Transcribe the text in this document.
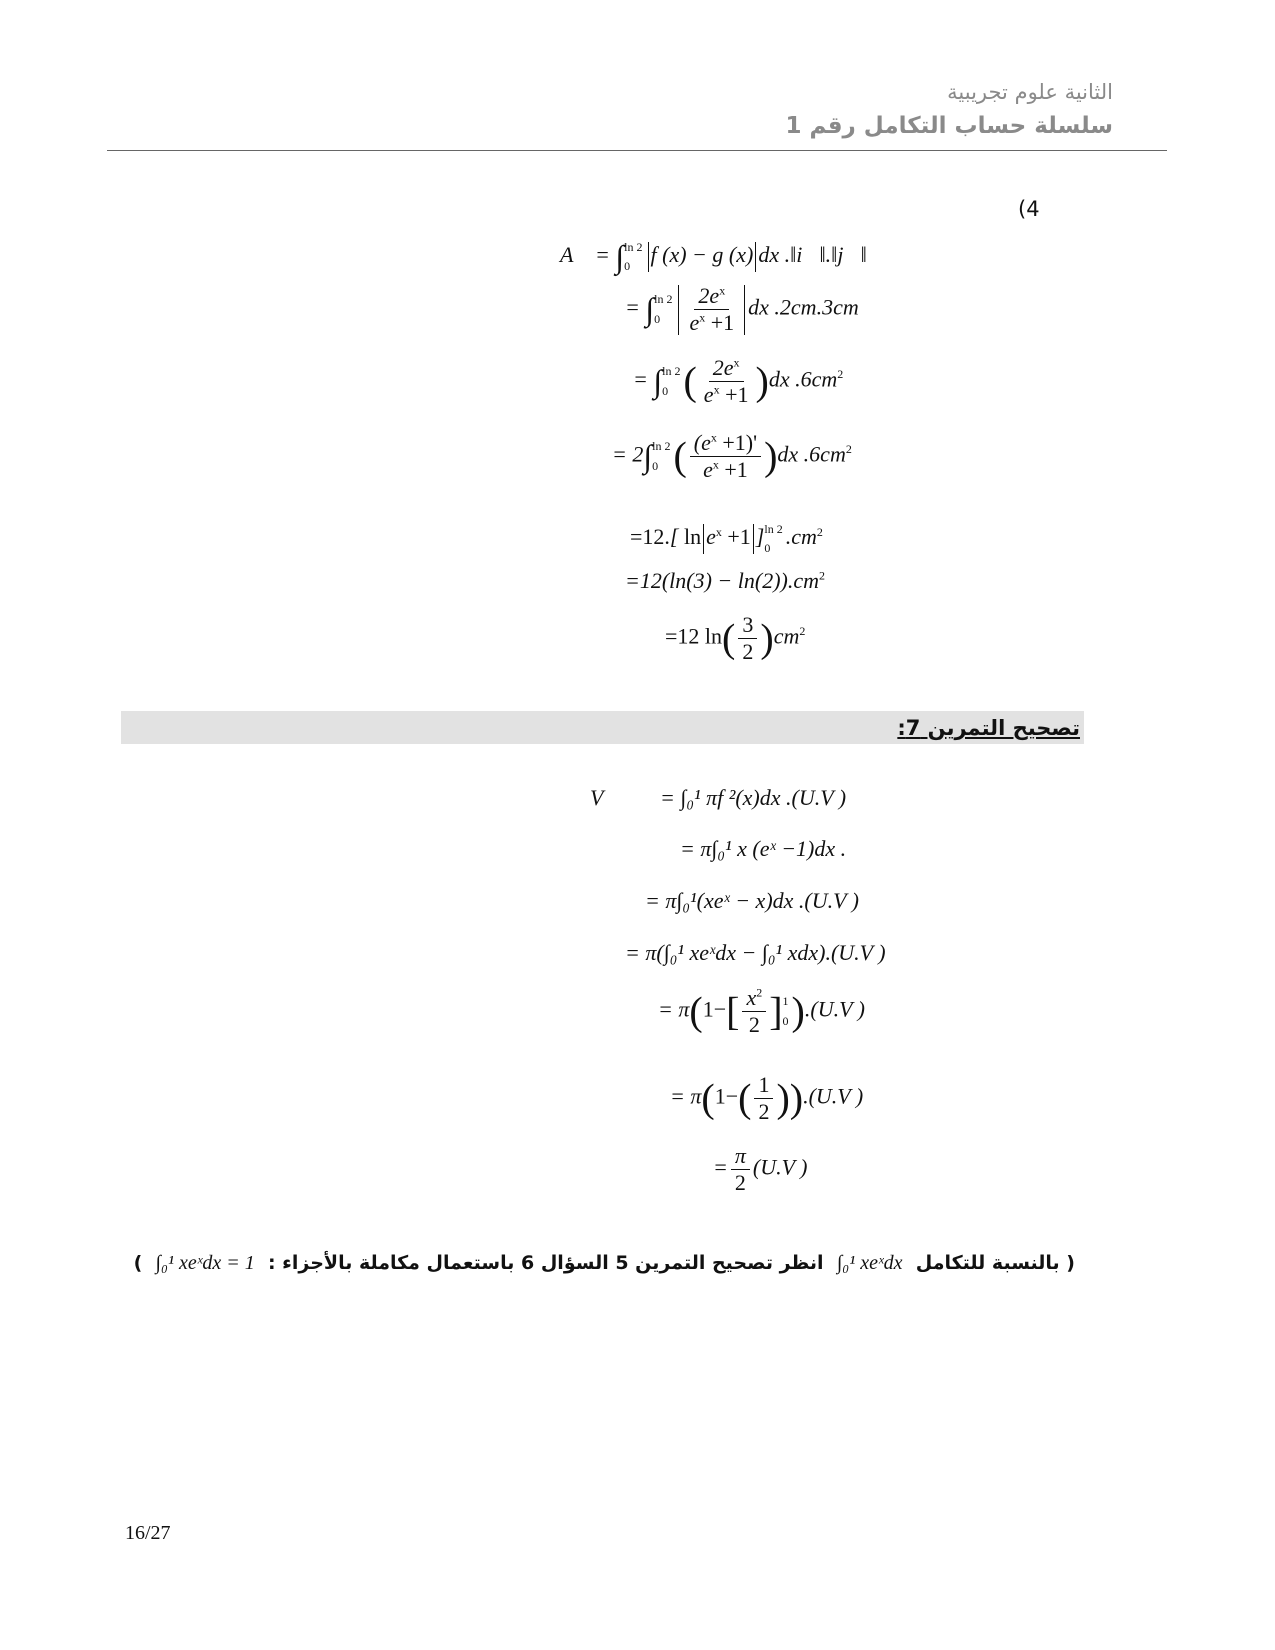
الثانية علوم تجريبية
سلسلة حساب التكامل رقم 1
(4
A = ∫ ln 2
0 f (x) − g (x) dx .‖i⃗‖.‖j⃗‖
= ∫ ln 2
0	$\frac{2e^x}{e^x +1}$ dx .2cm.3cm
= ∫ ln 2
0 ( $\frac{2e^x}{e^x +1} )dx$ $.6cm^2$
= 2∫ ln 2
0 ( $\frac{(e^x +1)'}{e^x +1} )dx$ $.6cm^2$
=12.[ $\ln e^x +1$ ] ln 2
0 $.cm^2$
$=12(\ln(3) - \ln(2)).cm^2$
=12 $\ln( \frac{3}{2} )cm^2$
تصحيح التمرين 7:
V	= ∫₀¹ πf ²(x)dx .(U.V )
= π∫₀¹ x (eˣ −1)dx .
= π∫₀¹(xeˣ − x)dx .(U.V )
= π(∫₀¹ xeˣdx − ∫₀¹ xdx).(U.V )
= $\pi(1-[ \frac{x^2}{2}$ ] 1
0 ).(U.V )
= $\pi(1-( \frac{1}{2} )).(U.V$ )
= $\frac{\pi}{2} (U.V$ )
( بالنسبة للتكامل  ∫₀¹ xeˣdx  انظر تصحيح التمرين 5 السؤال 6 باستعمال مكاملة بالأجزاء :  ∫₀¹ xeˣdx = 1  )
16/27
